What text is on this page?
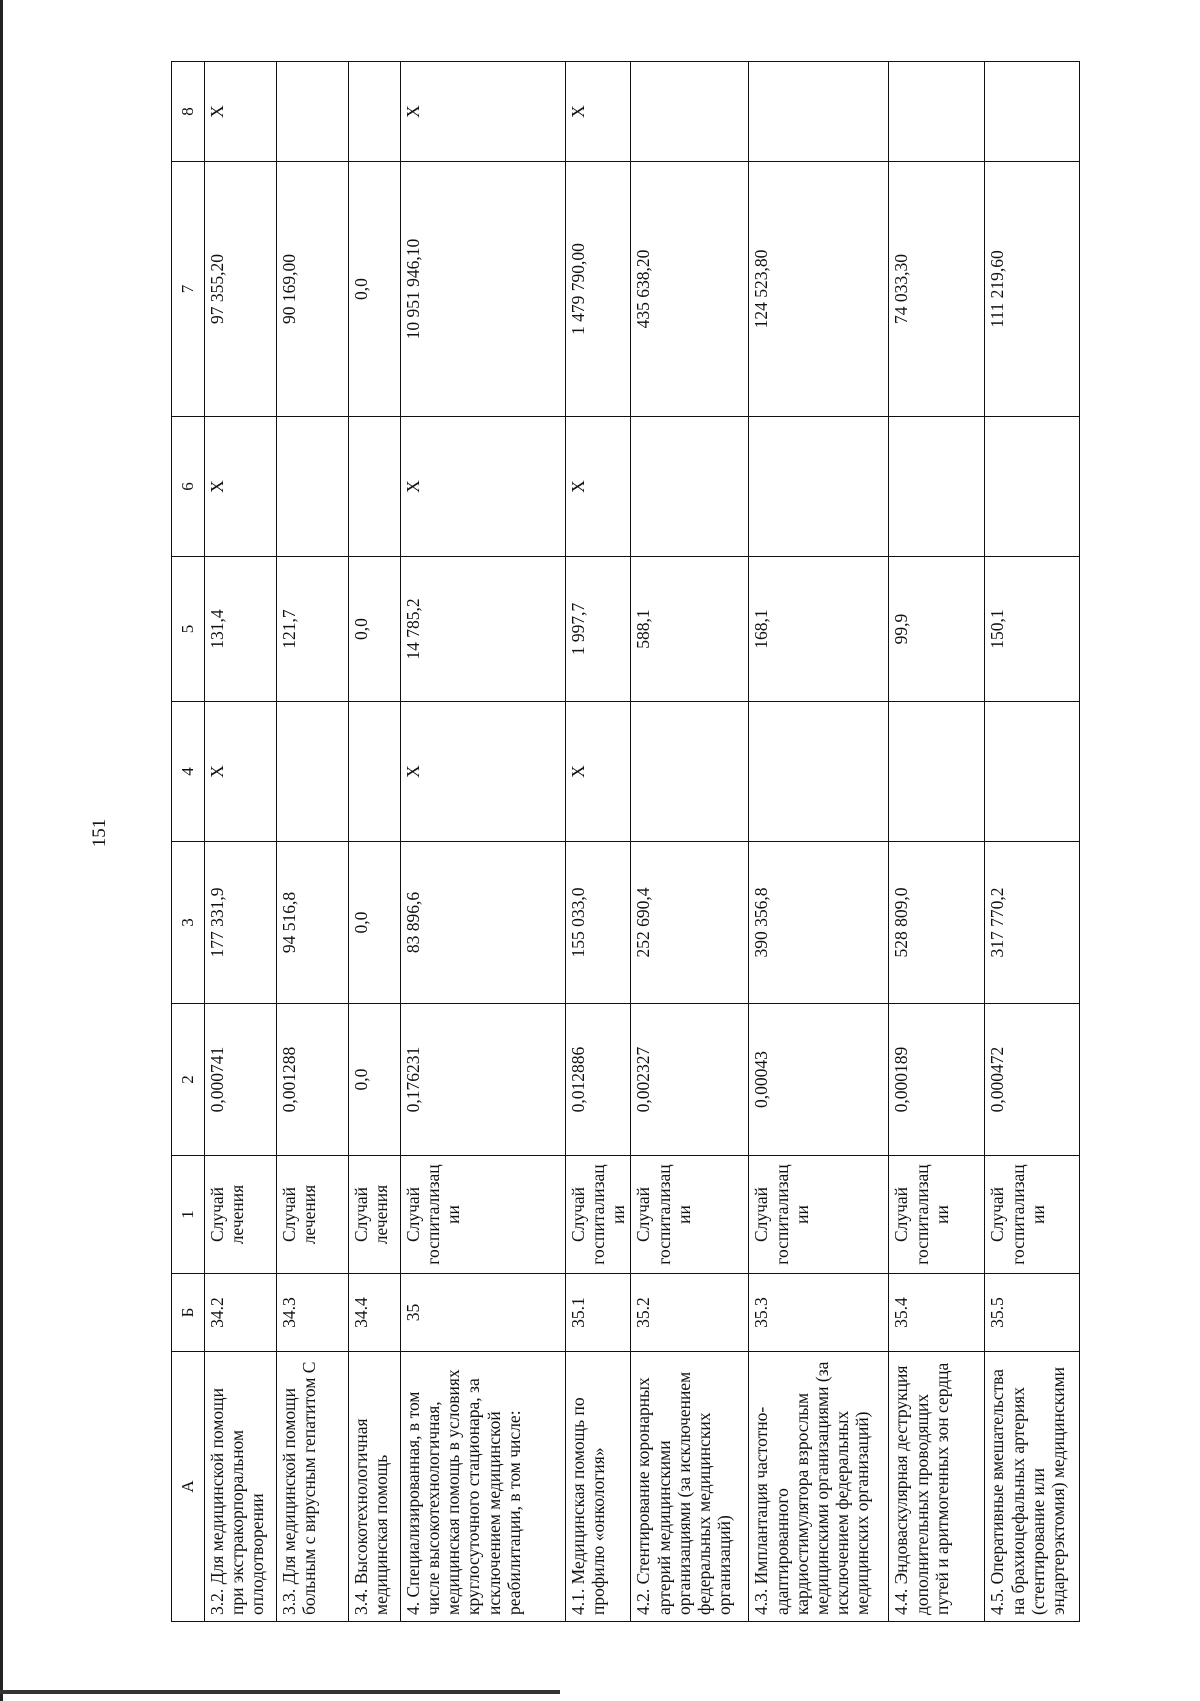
151
А	Б	1	2	3	4	5	6	7	8
3.2. Для медицинской помощи при экстракорпоральном оплодотворении	34.2	Случай лечения	0,000741	177 331,9	Х	131,4	Х	97 355,20	Х
3.3. Для медицинской помощи больным с вирусным гепатитом С	34.3	Случай лечения	0,001288	94 516,8		121,7		90 169,00	
3.4. Высокотехнологичная медицинская помощь	34.4	Случай лечения	0,0	0,0		0,0		0,0	
4. Специализированная, в том числе высокотехнологичная, медицинская помощь в условиях круглосуточного стационара, за исключением медицинской реабилитации, в том числе:	35	Случай госпитализации	0,176231	83 896,6	Х	14 785,2	Х	10 951 946,10	Х
4.1. Медицинская помощь по профилю «онкология»	35.1	Случай госпитализации	0,012886	155 033,0	Х	1 997,7	Х	1 479 790,00	Х
4.2. Стентирование коронарных артерий медицинскими организациями (за исключением федеральных медицинских организаций)	35.2	Случай госпитализации	0,002327	252 690,4		588,1		435 638,20	
4.3. Имплантация частотно-адаптированного кардиостимулятора взрослым медицинскими организациями (за исключением федеральных медицинских организаций)	35.3	Случай госпитализации	0,00043	390 356,8		168,1		124 523,80	
4.4. Эндоваскулярная деструкция дополнительных проводящих путей и аритмогенных зон сердца	35.4	Случай госпитализации	0,000189	528 809,0		99,9		74 033,30	
4.5. Оперативные вмешательства на брахиоцефальных артериях (стентирование или эндартерэктомия) медицинскими	35.5	Случай госпитализации	0,000472	317 770,2		150,1		111 219,60	
